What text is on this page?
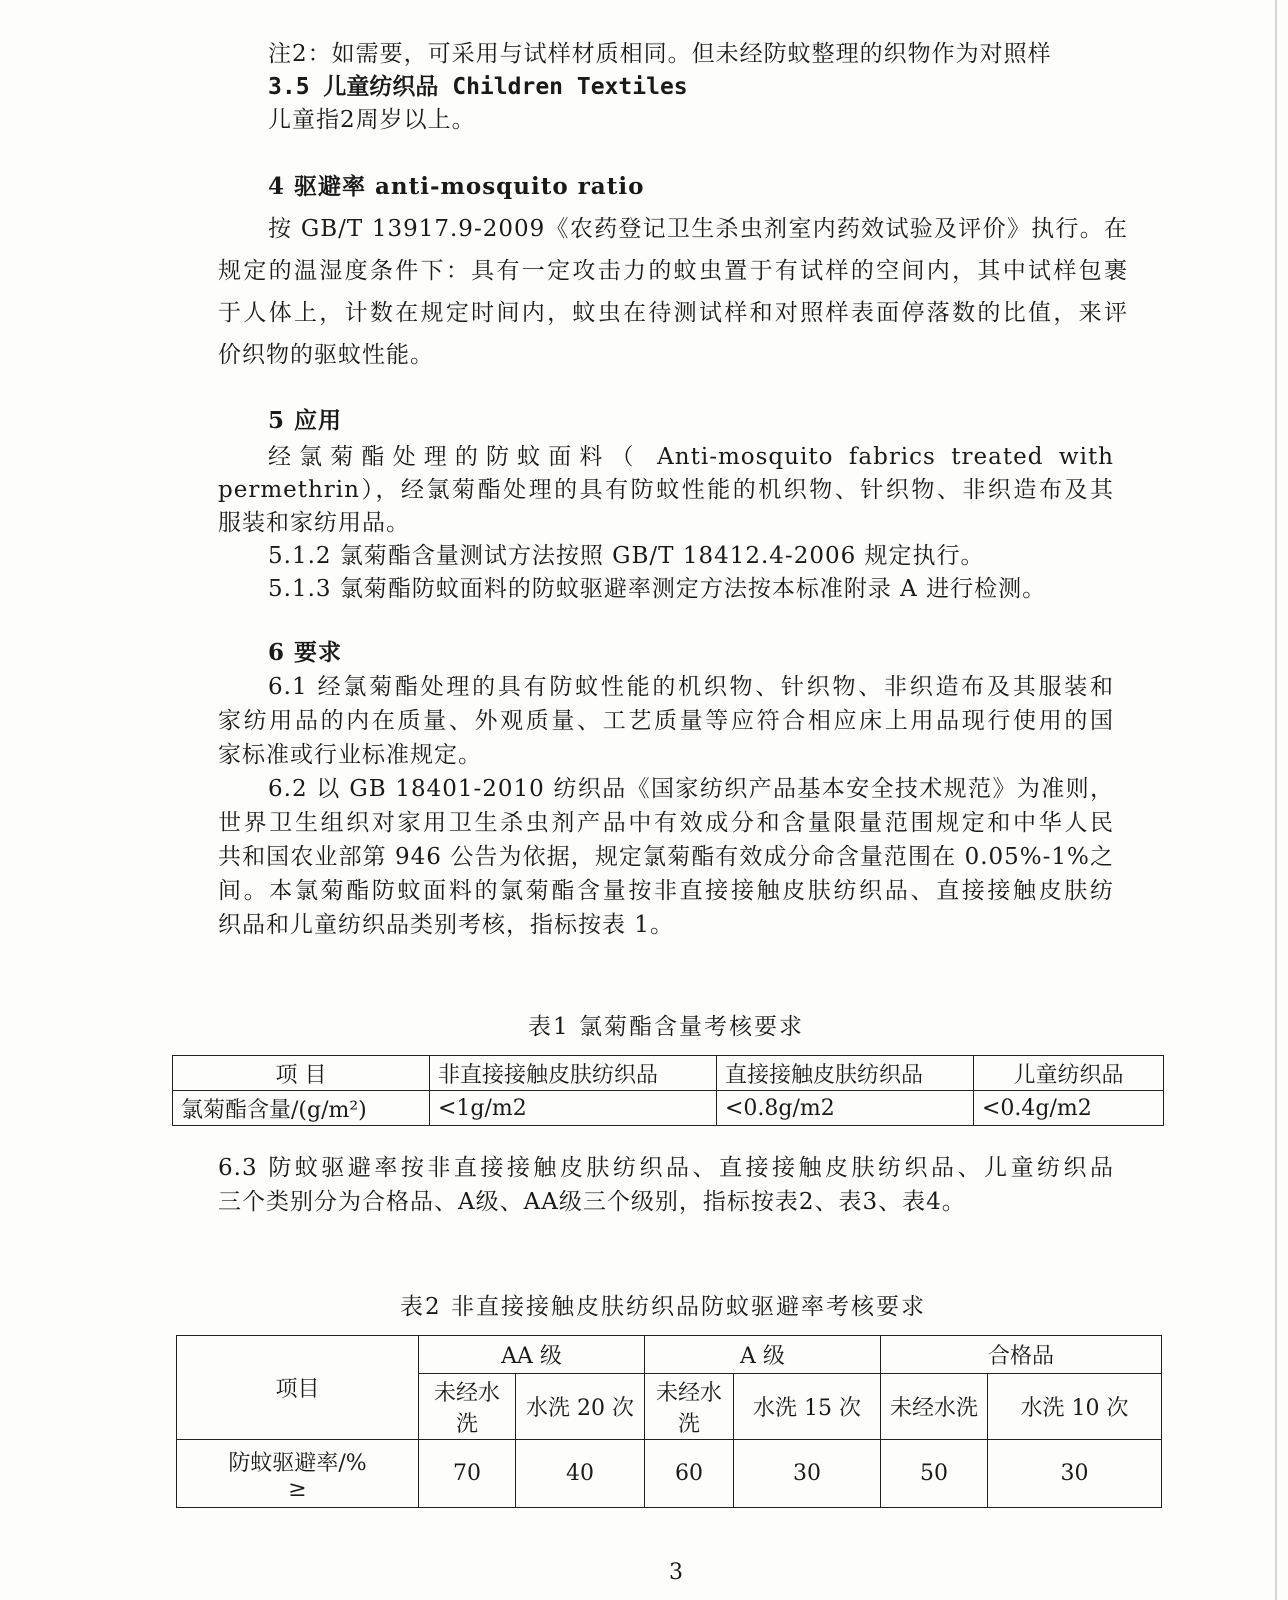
注2：如需要，可采用与试样材质相同。但未经防蚊整理的织物作为对照样
3.5 儿童纺织品 Children Textiles
儿童指2周岁以上。
4 驱避率 anti-mosquito ratio
按 GB/T 13917.9-2009《农药登记卫生杀虫剂室内药效试验及评价》执行。在
规定的温湿度条件下：具有一定攻击力的蚊虫置于有试样的空间内，其中试样包裹
于人体上，计数在规定时间内，蚊虫在待测试样和对照样表面停落数的比值，来评
价织物的驱蚊性能。
5 应用
经氯菊酯处理的防蚊面料（ Anti-mosquito fabrics treated with
permethrin），经氯菊酯处理的具有防蚊性能的机织物、针织物、非织造布及其
服装和家纺用品。
5.1.2 氯菊酯含量测试方法按照 GB/T 18412.4-2006 规定执行。
5.1.3 氯菊酯防蚊面料的防蚊驱避率测定方法按本标准附录 A 进行检测。
6 要求
6.1 经氯菊酯处理的具有防蚊性能的机织物、针织物、非织造布及其服装和
家纺用品的内在质量、外观质量、工艺质量等应符合相应床上用品现行使用的国
家标准或行业标准规定。
6.2 以 GB 18401-2010 纺织品《国家纺织产品基本安全技术规范》为准则，
世界卫生组织对家用卫生杀虫剂产品中有效成分和含量限量范围规定和中华人民
共和国农业部第 946 公告为依据，规定氯菊酯有效成分命含量范围在 0.05%-1%之
间。本氯菊酯防蚊面料的氯菊酯含量按非直接接触皮肤纺织品、直接接触皮肤纺
织品和儿童纺织品类别考核，指标按表 1。
表1 氯菊酯含量考核要求
项 目	非直接接触皮肤纺织品	直接接触皮肤纺织品	儿童纺织品
氯菊酯含量/(g/m²)	<1g/m2	<0.8g/m2	<0.4g/m2
6.3 防蚊驱避率按非直接接触皮肤纺织品、直接接触皮肤纺织品、儿童纺织品
三个类别分为合格品、A级、AA级三个级别，指标按表2、表3、表4。
表2 非直接接触皮肤纺织品防蚊驱避率考核要求
项目	AA 级		A 级		合格品	
	未经水洗	水洗 20 次	未经水洗	水洗 15 次	未经水洗	水洗 10 次

防蚊驱避率/%
≥	70	40	60	30	50	30
3
